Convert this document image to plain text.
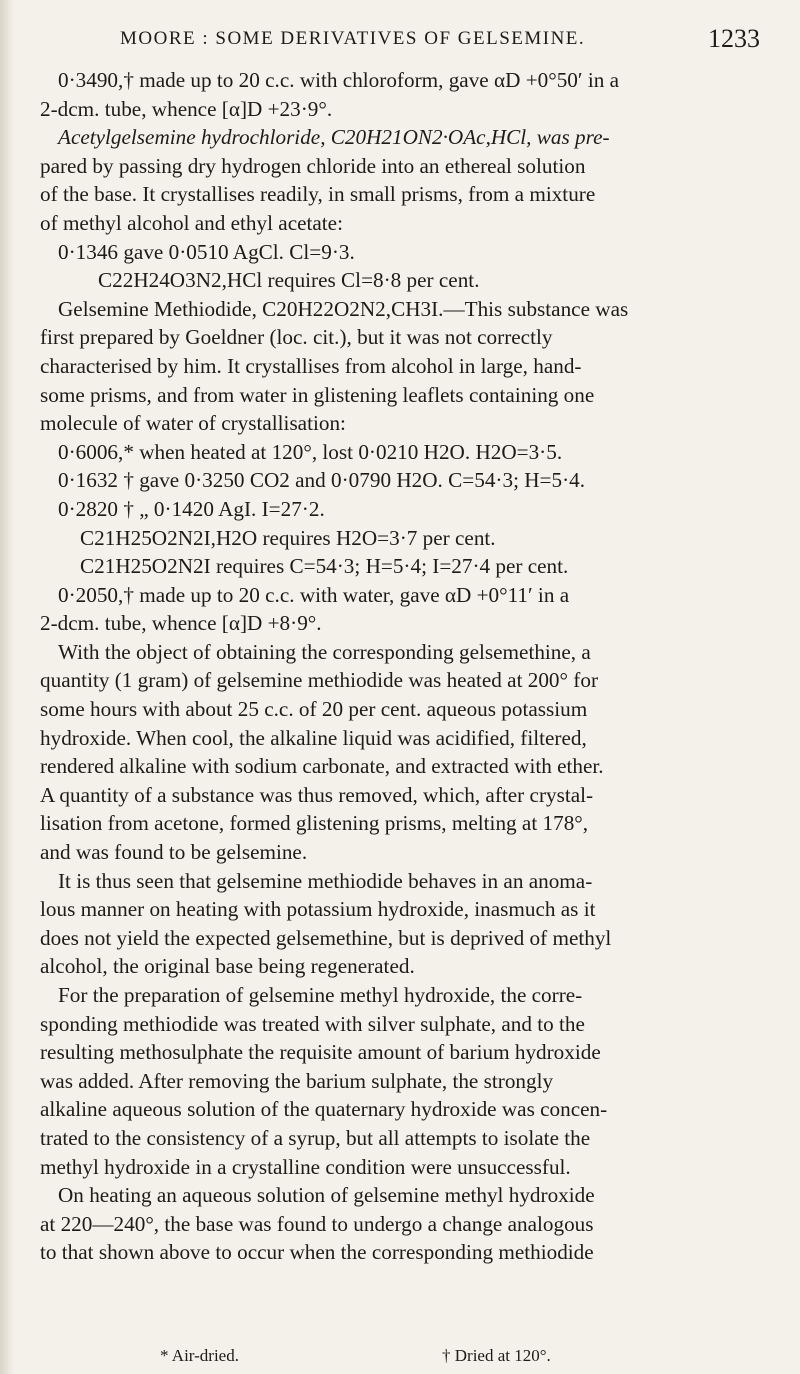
MOORE : SOME DERIVATIVES OF GELSEMINE.	1233
0·3490,† made up to 20 c.c. with chloroform, gave αD +0°50′ in a
2-dcm. tube, whence [α]D +23·9°.
Acetylgelsemine hydrochloride, C20H21ON2·OAc,HCl, was pre-
pared by passing dry hydrogen chloride into an ethereal solution
of the base. It crystallises readily, in small prisms, from a mixture
of methyl alcohol and ethyl acetate:
0·1346 gave 0·0510 AgCl. Cl=9·3.
C22H24O3N2,HCl requires Cl=8·8 per cent.
Gelsemine Methiodide, C20H22O2N2,CH3I.—This substance was
first prepared by Goeldner (loc. cit.), but it was not correctly
characterised by him. It crystallises from alcohol in large, hand-
some prisms, and from water in glistening leaflets containing one
molecule of water of crystallisation:
0·6006,* when heated at 120°, lost 0·0210 H2O. H2O=3·5.
0·1632 † gave 0·3250 CO2 and 0·0790 H2O. C=54·3; H=5·4.
0·2820 † „ 0·1420 AgI. I=27·2.
C21H25O2N2I,H2O requires H2O=3·7 per cent.
C21H25O2N2I requires C=54·3; H=5·4; I=27·4 per cent.
0·2050,† made up to 20 c.c. with water, gave αD +0°11′ in a
2-dcm. tube, whence [α]D +8·9°.
With the object of obtaining the corresponding gelsemethine, a
quantity (1 gram) of gelsemine methiodide was heated at 200° for
some hours with about 25 c.c. of 20 per cent. aqueous potassium
hydroxide. When cool, the alkaline liquid was acidified, filtered,
rendered alkaline with sodium carbonate, and extracted with ether.
A quantity of a substance was thus removed, which, after crystal-
lisation from acetone, formed glistening prisms, melting at 178°,
and was found to be gelsemine.
It is thus seen that gelsemine methiodide behaves in an anoma-
lous manner on heating with potassium hydroxide, inasmuch as it
does not yield the expected gelsemethine, but is deprived of methyl
alcohol, the original base being regenerated.
For the preparation of gelsemine methyl hydroxide, the corre-
sponding methiodide was treated with silver sulphate, and to the
resulting methosulphate the requisite amount of barium hydroxide
was added. After removing the barium sulphate, the strongly
alkaline aqueous solution of the quaternary hydroxide was concen-
trated to the consistency of a syrup, but all attempts to isolate the
methyl hydroxide in a crystalline condition were unsuccessful.
On heating an aqueous solution of gelsemine methyl hydroxide
at 220—240°, the base was found to undergo a change analogous
to that shown above to occur when the corresponding methiodide
* Air-dried.	† Dried at 120°.
